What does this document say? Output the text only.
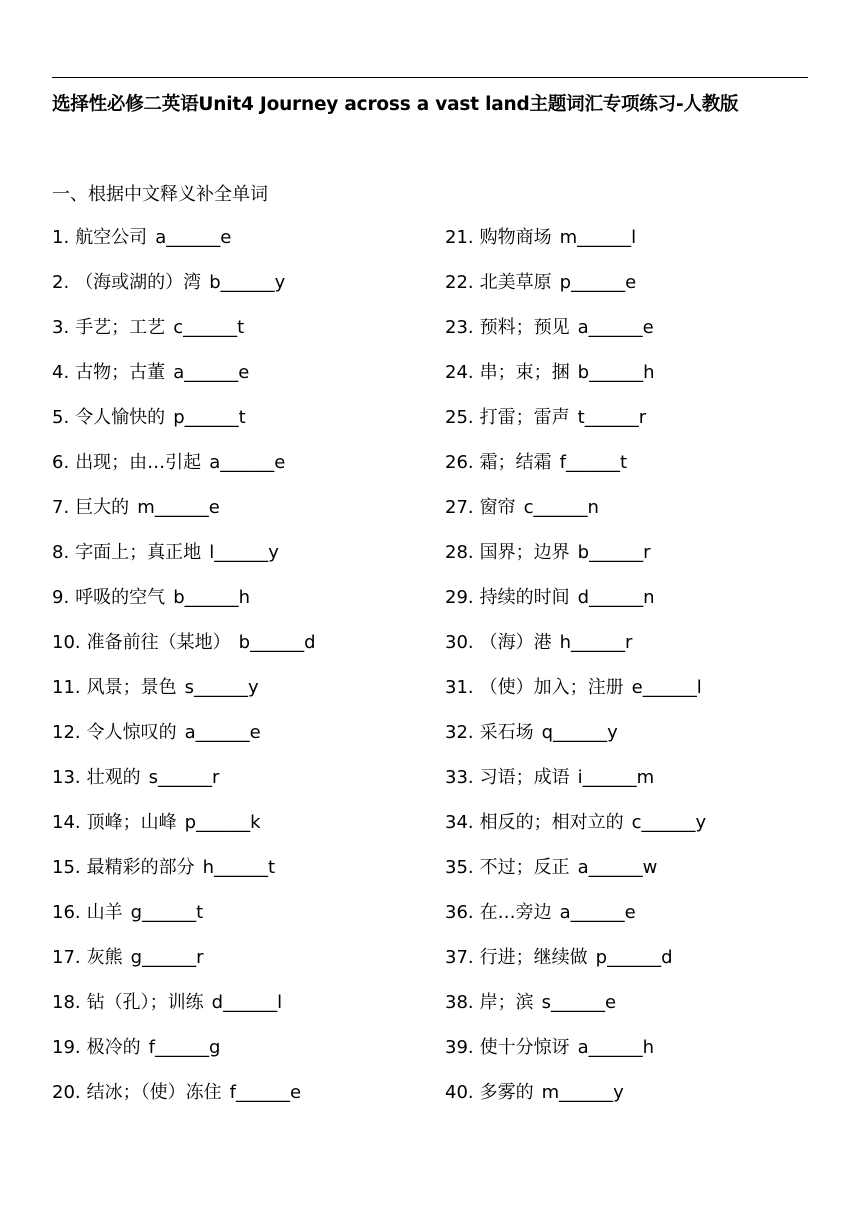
选择性必修二英语Unit4 Journey across a vast land主题词汇专项练习-人教版
一、根据中文释义补全单词
1. 航空公司 a______e
2. （海或湖的）湾 b______y
3. 手艺；工艺 c______t
4. 古物；古董 a______e
5. 令人愉快的 p______t
6. 出现；由…引起 a______e
7. 巨大的 m______e
8. 字面上；真正地 l______y
9. 呼吸的空气 b______h
10. 准备前往（某地） b______d
11. 风景；景色 s______y
12. 令人惊叹的 a______e
13. 壮观的 s______r
14. 顶峰；山峰 p______k
15. 最精彩的部分 h______t
16. 山羊 g______t
17. 灰熊 g______r
18. 钻（孔）；训练 d______l
19. 极冷的 f______g
20. 结冰；（使）冻住 f______e
21. 购物商场 m______l
22. 北美草原 p______e
23. 预料；预见 a______e
24. 串；束；捆 b______h
25. 打雷；雷声 t______r
26. 霜；结霜 f______t
27. 窗帘 c______n
28. 国界；边界 b______r
29. 持续的时间 d______n
30. （海）港 h______r
31. （使）加入；注册 e______l
32. 采石场 q______y
33. 习语；成语 i______m
34. 相反的；相对立的 c______y
35. 不过；反正 a______w
36. 在…旁边 a______e
37. 行进；继续做 p______d
38. 岸；滨 s______e
39. 使十分惊讶 a______h
40. 多雾的 m______y
